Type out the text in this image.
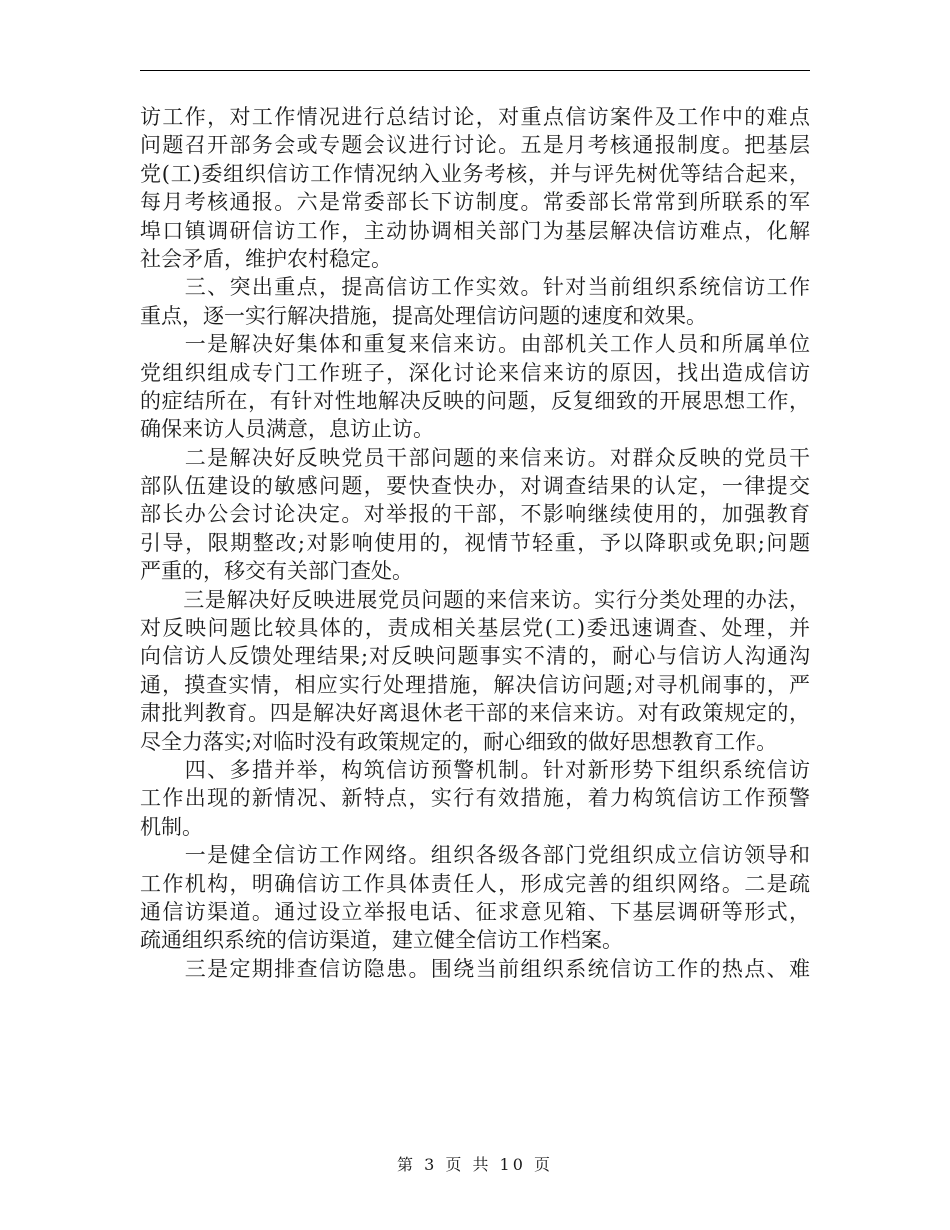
访工作，对工作情况进行总结讨论，对重点信访案件及工作中的难点
问题召开部务会或专题会议进行讨论。五是月考核通报制度。把基层
党(工)委组织信访工作情况纳入业务考核，并与评先树优等结合起来，
每月考核通报。六是常委部长下访制度。常委部长常常到所联系的军
埠口镇调研信访工作，主动协调相关部门为基层解决信访难点，化解
社会矛盾，维护农村稳定。
　　三、突出重点，提高信访工作实效。针对当前组织系统信访工作
重点，逐一实行解决措施，提高处理信访问题的速度和效果。
　　一是解决好集体和重复来信来访。由部机关工作人员和所属单位
党组织组成专门工作班子，深化讨论来信来访的原因，找出造成信访
的症结所在，有针对性地解决反映的问题，反复细致的开展思想工作，
确保来访人员满意，息访止访。
　　二是解决好反映党员干部问题的来信来访。对群众反映的党员干
部队伍建设的敏感问题，要快查快办，对调查结果的认定，一律提交
部长办公会讨论决定。对举报的干部，不影响继续使用的，加强教育
引导，限期整改;对影响使用的，视情节轻重，予以降职或免职;问题
严重的，移交有关部门查处。
　　三是解决好反映进展党员问题的来信来访。实行分类处理的办法，
对反映问题比较具体的，责成相关基层党(工)委迅速调查、处理，并
向信访人反馈处理结果;对反映问题事实不清的，耐心与信访人沟通沟
通，摸查实情，相应实行处理措施，解决信访问题;对寻机闹事的，严
肃批判教育。四是解决好离退休老干部的来信来访。对有政策规定的，
尽全力落实;对临时没有政策规定的，耐心细致的做好思想教育工作。
　　四、多措并举，构筑信访预警机制。针对新形势下组织系统信访
工作出现的新情况、新特点，实行有效措施，着力构筑信访工作预警
机制。
　　一是健全信访工作网络。组织各级各部门党组织成立信访领导和
工作机构，明确信访工作具体责任人，形成完善的组织网络。二是疏
通信访渠道。通过设立举报电话、征求意见箱、下基层调研等形式，
疏通组织系统的信访渠道，建立健全信访工作档案。
　　三是定期排查信访隐患。围绕当前组织系统信访工作的热点、难
第 3 页 共 10 页
